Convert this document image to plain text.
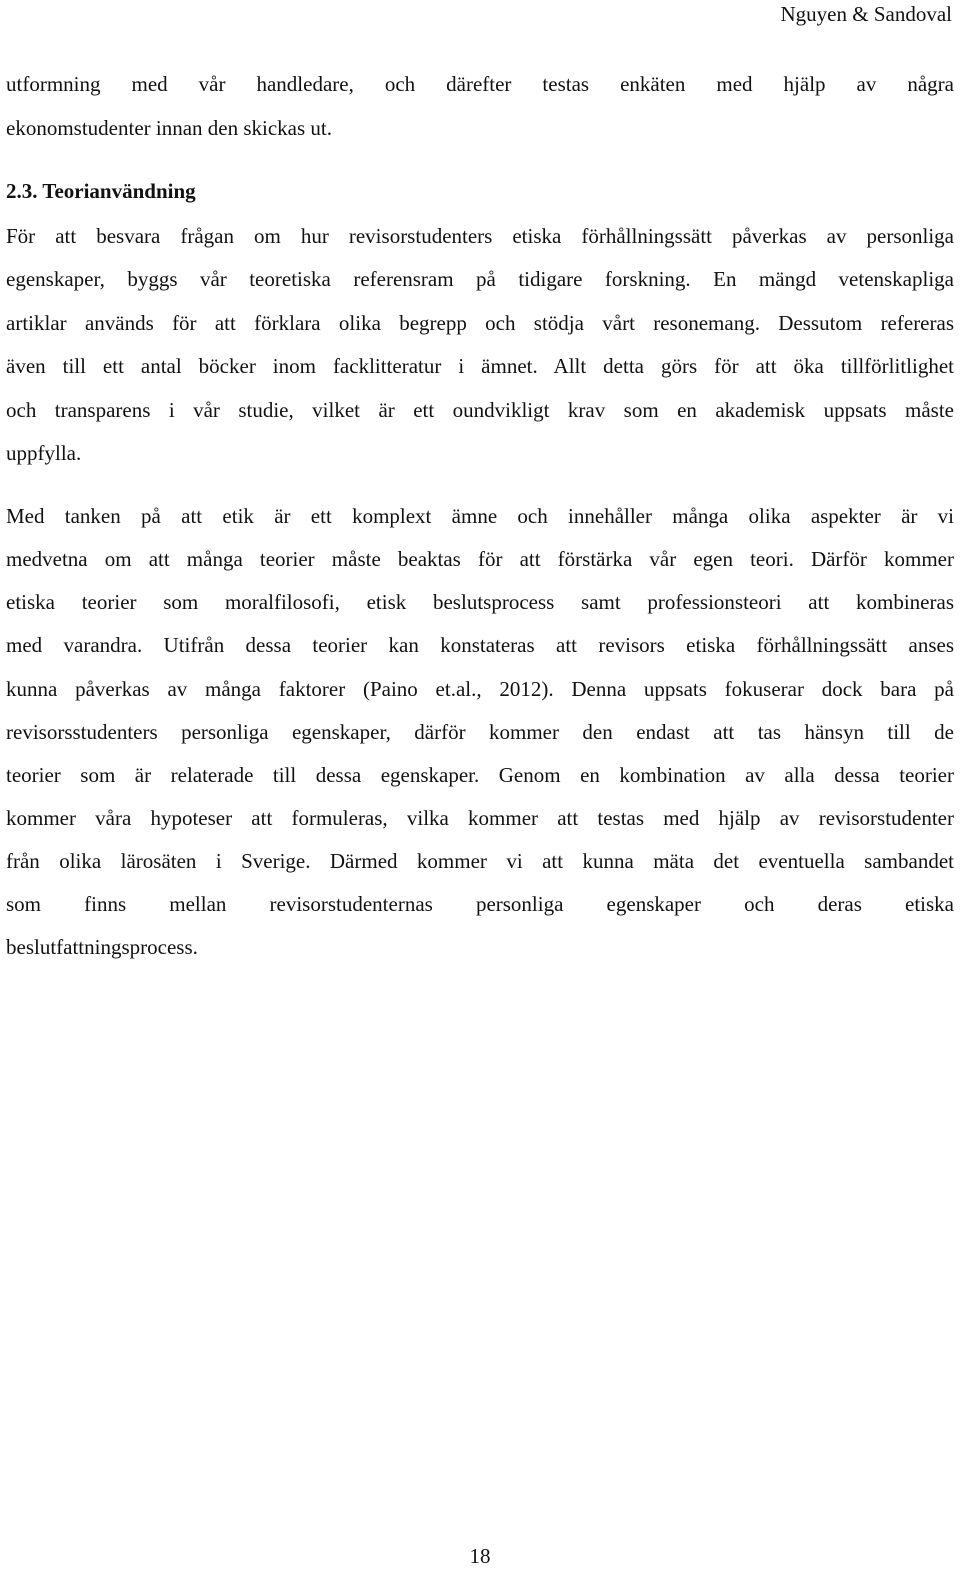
Nguyen & Sandoval
utformning med vår handledare, och därefter testas enkäten med hjälp av några
ekonomstudenter innan den skickas ut.
2.3. Teorianvändning
För att besvara frågan om hur revisorstudenters etiska förhållningssätt påverkas av personliga
egenskaper, byggs vår teoretiska referensram på tidigare forskning. En mängd vetenskapliga
artiklar används för att förklara olika begrepp och stödja vårt resonemang. Dessutom refereras
även till ett antal böcker inom facklitteratur i ämnet. Allt detta görs för att öka tillförlitlighet
och transparens i vår studie, vilket är ett oundvikligt krav som en akademisk uppsats måste
uppfylla.
Med tanken på att etik är ett komplext ämne och innehåller många olika aspekter är vi
medvetna om att många teorier måste beaktas för att förstärka vår egen teori. Därför kommer
etiska teorier som moralfilosofi, etisk beslutsprocess samt professionsteori att kombineras
med varandra. Utifrån dessa teorier kan konstateras att revisors etiska förhållningssätt anses
kunna påverkas av många faktorer (Paino et.al., 2012). Denna uppsats fokuserar dock bara på
revisorsstudenters personliga egenskaper, därför kommer den endast att tas hänsyn till de
teorier som är relaterade till dessa egenskaper. Genom en kombination av alla dessa teorier
kommer våra hypoteser att formuleras, vilka kommer att testas med hjälp av revisorstudenter
från olika lärosäten i Sverige. Därmed kommer vi att kunna mäta det eventuella sambandet
som finns mellan revisorstudenternas personliga egenskaper och deras etiska
beslutfattningsprocess.
18
